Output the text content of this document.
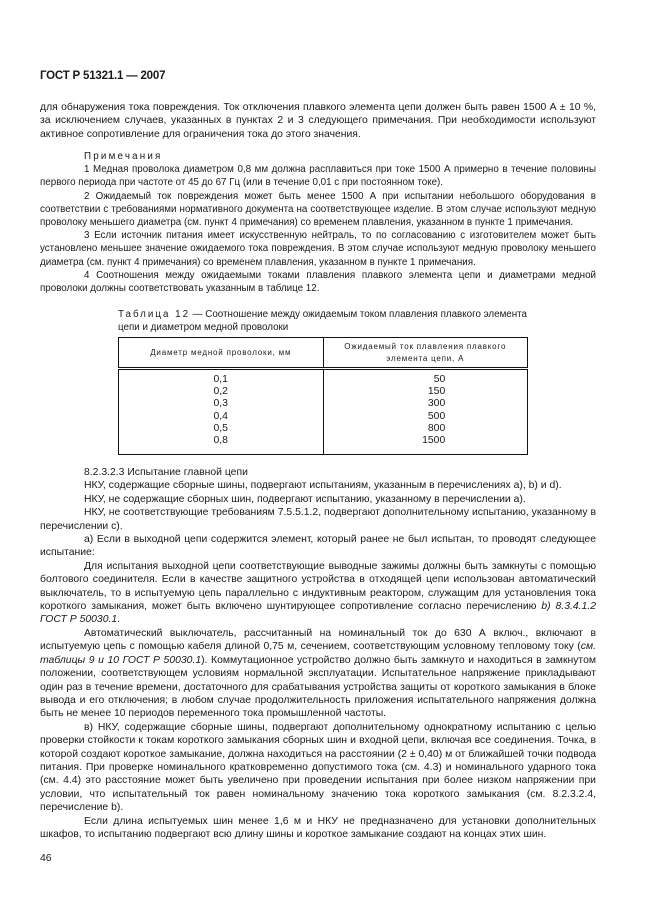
ГОСТ Р 51321.1 — 2007

для обнаружения тока повреждения. Ток отключения плавкого элемента цепи должен быть равен 1500 А ± 10 %, за исключением случаев, указанных в пунктах 2 и 3 следующего примечания. При необходимости используют активное сопротивление для ограничения тока до этого значения.

Примечания

1 Медная проволока диаметром 0,8 мм должна расплавиться при токе 1500 А примерно в течение половины первого периода при частоте от 45 до 67 Гц (или в течение 0,01 с при постоянном токе).

2 Ожидаемый ток повреждения может быть менее 1500 А при испытании небольшого оборудования в соответствии с требованиями нормативного документа на соответствующее изделие. В этом случае используют медную проволоку меньшего диаметра (см. пункт 4 примечания) со временем плавления, указанном в пункте 1 примечания.

3 Если источник питания имеет искусственную нейтраль, то по согласованию с изготовителем может быть установлено меньшее значение ожидаемого тока повреждения. В этом случае используют медную проволоку меньшего диаметра (см. пункт 4 примечания) со временем плавления, указанном в пункте 1 примечания.

4 Соотношения между ожидаемыми токами плавления плавкого элемента цепи и диаметрами медной проволоки должны соответствовать указанным в таблице 12.

Таблица 12 — Соотношение между ожидаемым током плавления плавкого элемента цепи и диаметром медной проволоки
Диаметр медной проволоки, мм	Ожидаемый ток плавления плавкого элемента цепи, А
0,1	50
0,2	150
0,3	300
0,4	500
0,5	800
0,8	1500

8.2.3.2.3 Испытание главной цепи

НКУ, содержащие сборные шины, подвергают испытаниям, указанным в перечислениях а), b) и d).

НКУ, не содержащие сборных шин, подвергают испытанию, указанному в перечислении а).

НКУ, не соответствующие требованиям 7.5.5.1.2, подвергают дополнительному испытанию, указанному в перечислении с).

а) Если в выходной цепи содержится элемент, который ранее не был испытан, то проводят следующее испытание:

Для испытания выходной цепи соответствующие выводные зажимы должны быть замкнуты с помощью болтового соединителя. Если в качестве защитного устройства в отходящей цепи использован автоматический выключатель, то в испытуемую цепь параллельно с индуктивным реактором, служащим для установления тока короткого замыкания, может быть включено шунтирующее сопротивление согласно перечислению b) 8.3.4.1.2 ГОСТ Р 50030.1.

Автоматический выключатель, рассчитанный на номинальный ток до 630 А включ., включают в испытуемую цепь с помощью кабеля длиной 0,75 м, сечением, соответствующим условному тепловому току (см. таблицы 9 и 10 ГОСТ Р 50030.1). Коммутационное устройство должно быть замкнуто и находиться в замкнутом положении, соответствующем условиям нормальной эксплуатации. Испытательное напряжение прикладывают один раз в течение времени, достаточного для срабатывания устройства защиты от короткого замыкания в блоке вывода и его отключения; в любом случае продолжительность приложения испытательного напряжения должна быть не менее 10 периодов переменного тока промышленной частоты.

в) НКУ, содержащие сборные шины, подвергают дополнительному однократному испытанию с целью проверки стойкости к токам короткого замыкания сборных шин и входной цепи, включая все соединения. Точка, в которой создают короткое замыкание, должна находиться на расстоянии (2 ± 0,40) м от ближайшей точки подвода питания. При проверке номинального кратковременно допустимого тока (см. 4.3) и номинального ударного тока (см. 4.4) это расстояние может быть увеличено при проведении испытания при более низком напряжении при условии, что испытательный ток равен номинальному значению тока короткого замыкания (см. 8.2.3.2.4, перечисление b).

Если длина испытуемых шин менее 1,6 м и НКУ не предназначено для установки дополнительных шкафов, то испытанию подвергают всю длину шины и короткое замыкание создают на концах этих шин.

46
